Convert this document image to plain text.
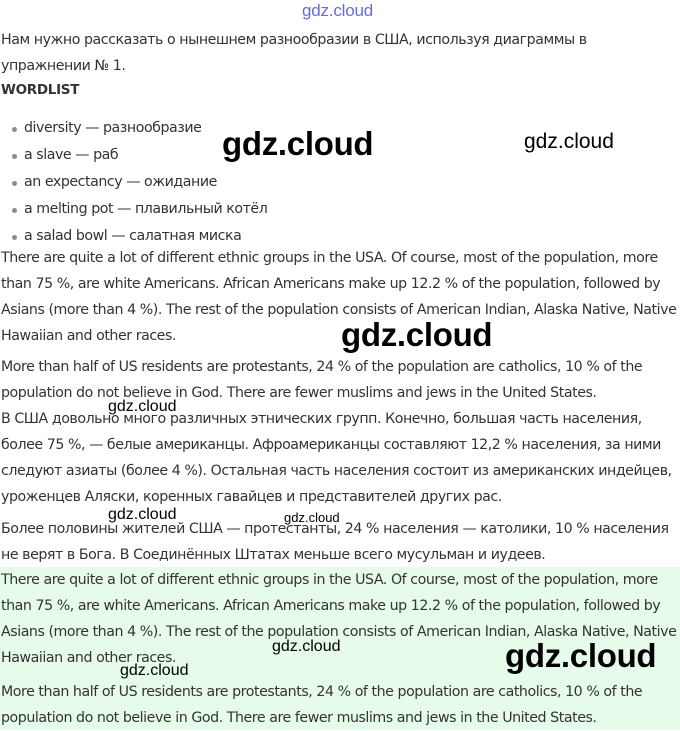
gdz.cloud

Нам нужно рассказать о нынешнем разнообразии в США, используя диаграммы в упражнении № 1.

WORDLIST
diversity — разнообразие
a slave — раб
an expectancy — ожидание
a melting pot — плавильный котёл
a salad bowl — салатная миска

There are quite a lot of different ethnic groups in the USA. Of course, most of the population, more than 75 %, are white Americans. African Americans make up 12.2 % of the population, followed by Asians (more than 4 %). The rest of the population consists of American Indian, Alaska Native, Native Hawaiian and other races.

More than half of US residents are protestants, 24 % of the population are catholics, 10 % of the population do not believe in God. There are fewer muslims and jews in the United States.

В США довольно много различных этнических групп. Конечно, большая часть населения, более 75 %, — белые американцы. Афроамериканцы составляют 12,2 % населения, за ними следуют азиаты (более 4 %). Остальная часть населения состоит из американских индейцев, уроженцев Аляски, коренных гавайцев и представителей других рас.

Более половины жителей США — протестанты, 24 % населения — католики, 10 % населения не верят в Бога. В Соединённых Штатах меньше всего мусульман и иудеев.

There are quite a lot of different ethnic groups in the USA. Of course, most of the population, more than 75 %, are white Americans. African Americans make up 12.2 % of the population, followed by Asians (more than 4 %). The rest of the population consists of American Indian, Alaska Native, Native Hawaiian and other races.

More than half of US residents are protestants, 24 % of the population are catholics, 10 % of the population do not believe in God. There are fewer muslims and jews in the United States.

gdz.cloud	gdz.cloud
gdz.cloud
gdz.cloud
gdz.cloud	gdz.cloud
gdz.cloud	gdz.cloud
gdz.cloud
